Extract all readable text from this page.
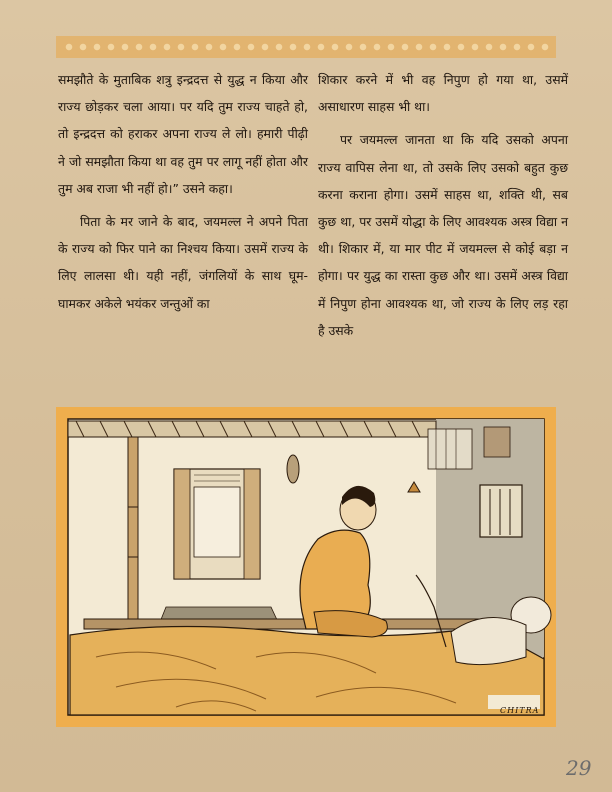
समझौते के मुताबिक शत्रु इन्द्रदत्त से युद्ध न किया और राज्य छोड़कर चला आया। पर यदि तुम राज्य चाहते हो, तो इन्द्रदत्त को हराकर अपना राज्य ले लो। हमारी पीढ़ी ने जो समझौता किया था वह तुम पर लागू नहीं होता और तुम अब राजा भी नहीं हो।” उसने कहा।

पिता के मर जाने के बाद, जयमल्ल ने अपने पिता के राज्य को फिर पाने का निश्चय किया। उसमें राज्य के लिए लालसा थी। यही नहीं, जंगलियों के साथ घूम-घामकर अकेले भयंकर जन्तुओं का

शिकार करने में भी वह निपुण हो गया था, उसमें असाधारण साहस भी था।

पर जयमल्ल जानता था कि यदि उसको अपना राज्य वापिस लेना था, तो उसके लिए उसको बहुत कुछ करना कराना होगा। उसमें साहस था, शक्ति थी, सब कुछ था, पर उसमें योद्धा के लिए आवश्यक अस्त्र विद्या न थी। शिकार में, या मार पीट में जयमल्ल से कोई बड़ा न होगा। पर युद्ध का रास्ता कुछ और था। उसमें अस्त्र विद्या में निपुण होना आवश्यक था, जो राज्य के लिए लड़ रहा है उसके

CHITRA
29
